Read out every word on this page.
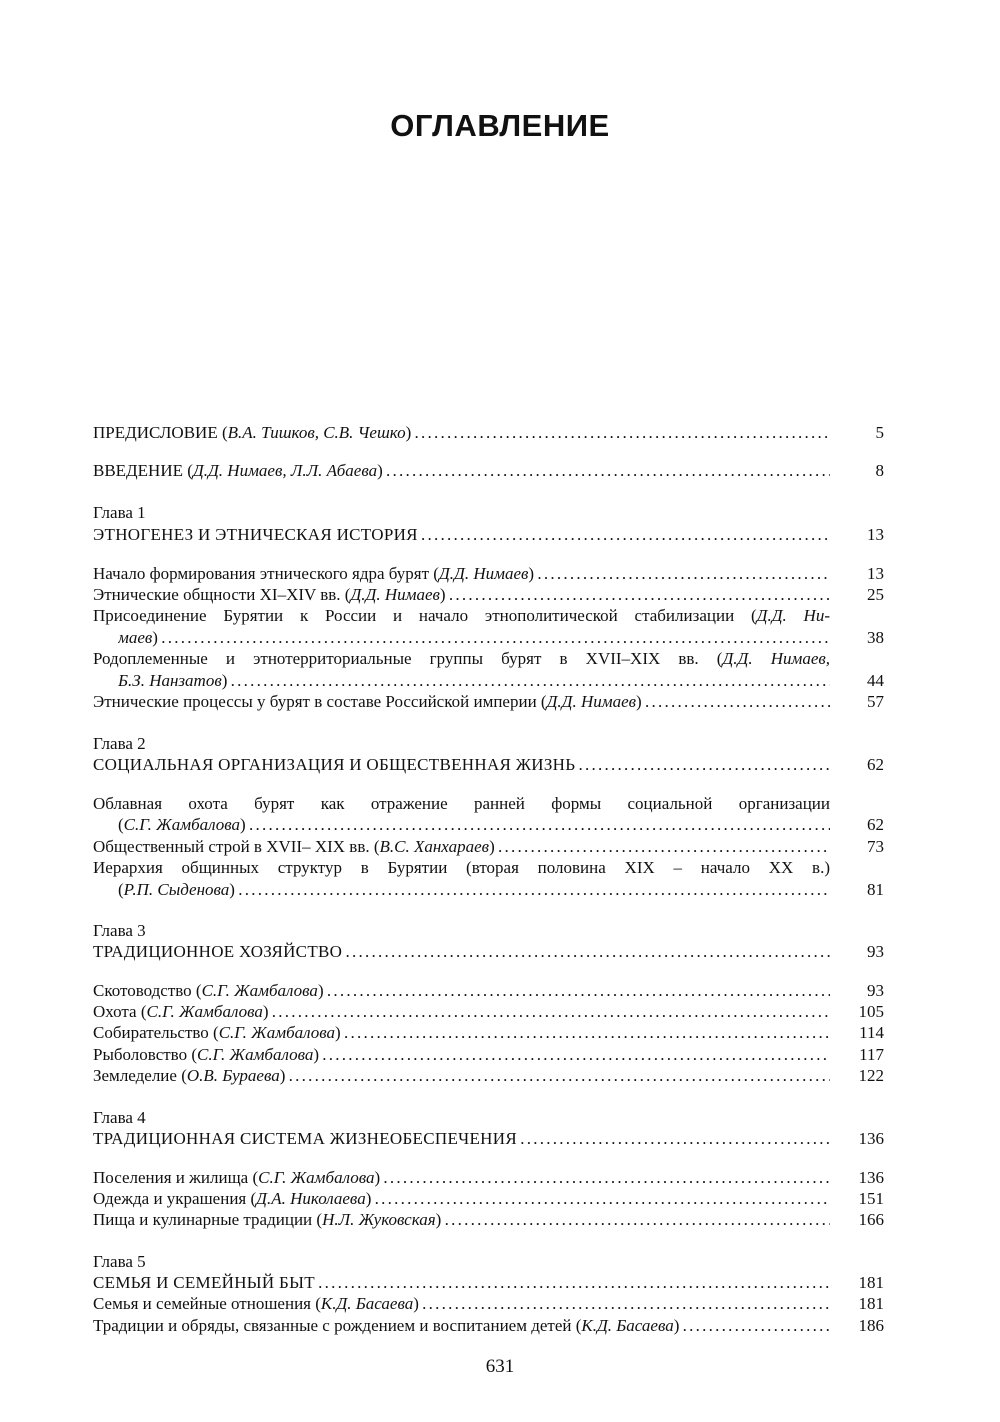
ОГЛАВЛЕНИЕ
ПРЕДИСЛОВИЕ (В.А. Тишков, С.В. Чешко) . . .	5
ВВЕДЕНИЕ (Д.Д. Нимаев, Л.Л. Абаева) . . .	8
Глава 1
ЭТНОГЕНЕЗ И ЭТНИЧЕСКАЯ ИСТОРИЯ . . .	13
Начало формирования этнического ядра бурят (Д.Д. Нимаев) . . .	13
Этнические общности XI–XIV вв. (Д.Д. Нимаев) . . .	25
Присоединение Бурятии к России и начало этнополитической стабилизации (Д.Д. Ни-
маев) . . .	38
Родоплеменные и этнотерриториальные группы бурят в XVII–XIX вв. (Д.Д. Нимаев,
Б.З. Нанзатов) . . .	44
Этнические процессы у бурят в составе Российской империи (Д.Д. Нимаев) . . .	57
Глава 2
СОЦИАЛЬНАЯ ОРГАНИЗАЦИЯ И ОБЩЕСТВЕННАЯ ЖИЗНЬ . . .	62
Облавная охота бурят как отражение ранней формы социальной организации
(С.Г. Жамбалова) . . .	62
Общественный строй в XVII– XIX вв. (В.С. Ханхараев) . . .	73
Иерархия общинных структур в Бурятии (вторая половина XIX – начало XX в.)
(Р.П. Сыденова) . . .	81
Глава 3
ТРАДИЦИОННОЕ ХОЗЯЙСТВО . . .	93
Скотоводство (С.Г. Жамбалова) . . .	93
Охота (С.Г. Жамбалова) . . .	105
Собирательство (С.Г. Жамбалова) . . .	114
Рыболовство (С.Г. Жамбалова) . . .	117
Земледелие (О.В. Бураева) . . .	122
Глава 4
ТРАДИЦИОННАЯ СИСТЕМА ЖИЗНЕОБЕСПЕЧЕНИЯ . . .	136
Поселения и жилища (С.Г. Жамбалова) . . .	136
Одежда и украшения (Д.А. Николаева) . . .	151
Пища и кулинарные традиции (Н.Л. Жуковская) . . .	166
Глава 5
СЕМЬЯ И СЕМЕЙНЫЙ БЫТ . . .	181
Семья и семейные отношения (К.Д. Басаева) . . .	181
Традиции и обряды, связанные с рождением и воспитанием детей (К.Д. Басаева) . . .	186
631
